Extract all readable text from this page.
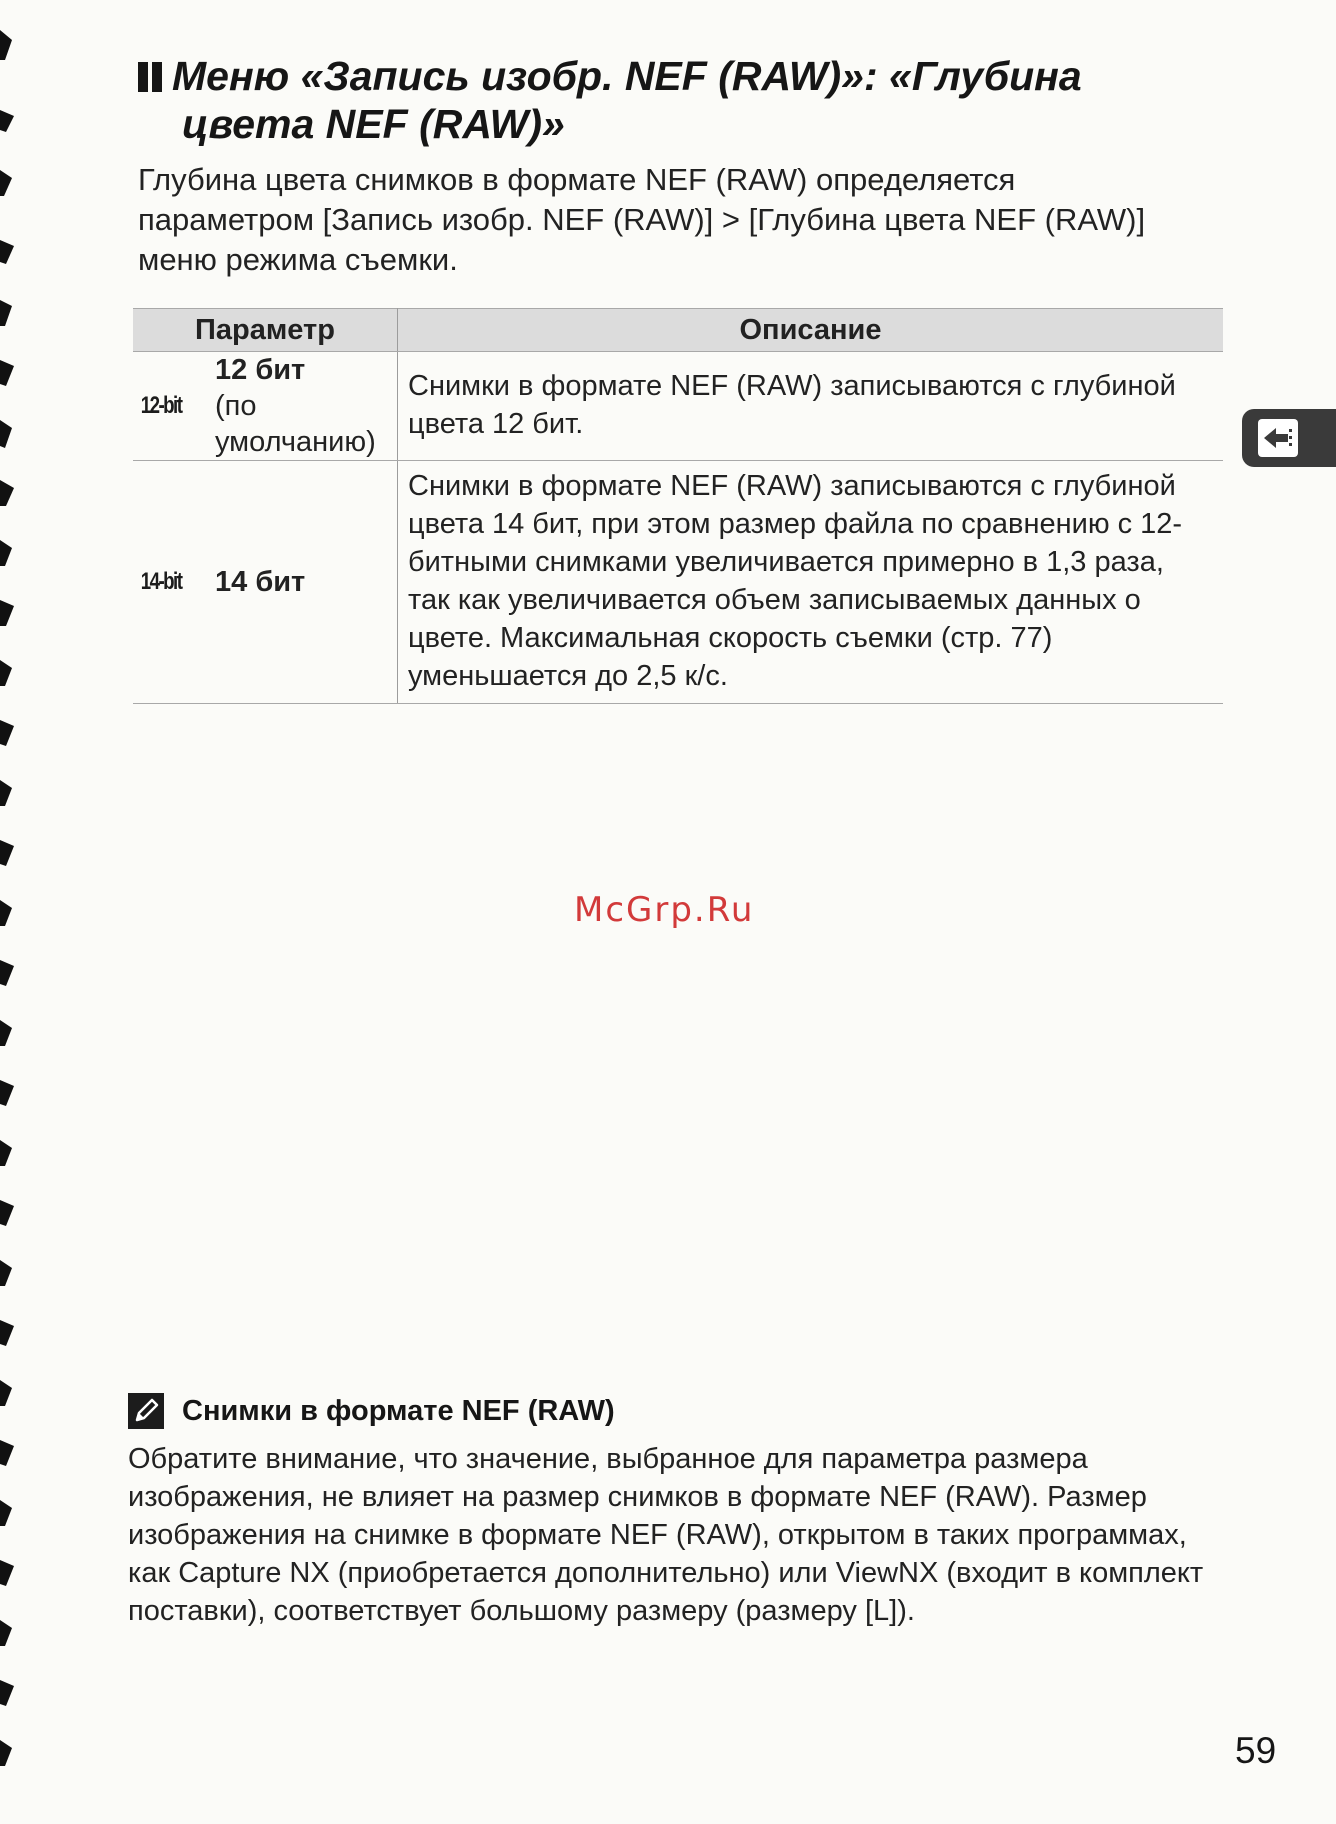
Меню «Запись изобр. NEF (RAW)»: «Глубина
цвета NEF (RAW)»

Глубина цвета снимков в формате NEF (RAW) определяется параметром [Запись изобр. NEF (RAW)] > [Глубина цвета NEF (RAW)] меню режима съемки.

Параметр	Описание

12-bit
12 бит
(по умолчанию)	Снимки в формате NEF (RAW) записываются с глубиной цвета 12 бит.

14-bit 14 бит	Снимки в формате NEF (RAW) записываются с глубиной цвета 14 бит, при этом размер файла по сравнению с 12-битными снимками увеличивается примерно в 1,3 раза, так как увеличивается объем записываемых данных о цвете. Максимальная скорость съемки (стр. 77) уменьшается до 2,5 к/с.
McGrp.Ru
Снимки в формате NEF (RAW)

Обратите внимание, что значение, выбранное для параметра размера изображения, не влияет на размер снимков в формате NEF (RAW). Размер изображения на снимке в формате NEF (RAW), открытом в таких программах, как Capture NX (приобретается дополнительно) или ViewNX (входит в комплект поставки), соответствует большому размеру (размеру [L]).

59
